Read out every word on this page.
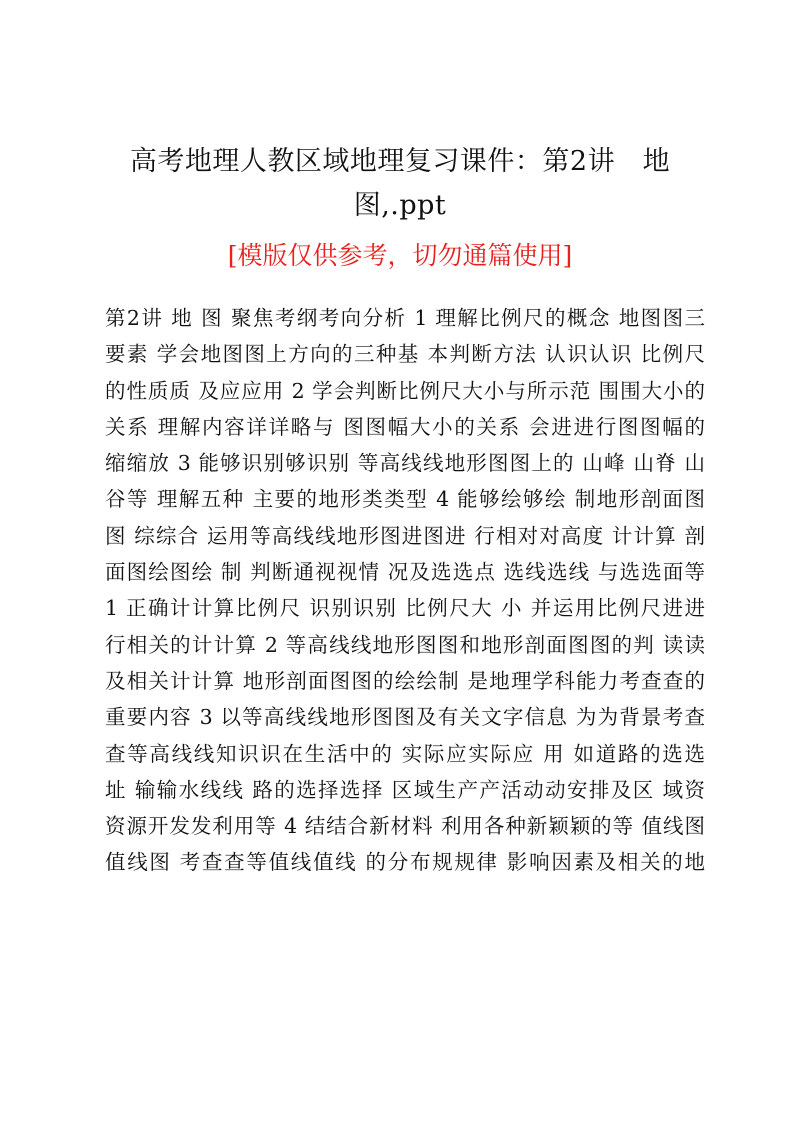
高考地理人教区域地理复习课件：第2讲　地
图,.ppt

[模版仅供参考，切勿通篇使用]

第2讲 地 图 聚焦考纲考向分析 1 理解比例尺的概念 地图图三
要素 学会地图图上方向的三种基 本判断方法 认识认识 比例尺
的性质质 及应应用 2 学会判断比例尺大小与所示范 围围大小的
关系 理解内容详详略与 图图幅大小的关系 会进进行图图幅的
缩缩放 3 能够识别够识别 等高线线地形图图上的 山峰 山脊 山
谷等 理解五种 主要的地形类类型 4 能够绘够绘 制地形剖面图
图 综综合 运用等高线线地形图进图进 行相对对高度 计计算 剖
面图绘图绘 制 判断通视视情 况及选选点 选线选线 与选选面等
1 正确计计算比例尺 识别识别 比例尺大 小 并运用比例尺进进
行相关的计计算 2 等高线线地形图图和地形剖面图图的判 读读
及相关计计算 地形剖面图图的绘绘制 是地理学科能力考查查的
重要内容 3 以等高线线地形图图及有关文字信息 为为背景考查
查等高线线知识识在生活中的 实际应实际应 用 如道路的选选
址 输输水线线 路的选择选择 区域生产产活动动安排及区 域资
资源开发发利用等 4 结结合新材料 利用各种新颖颖的等 值线图
值线图 考查查等值线值线 的分布规规律 影响因素及相关的地
